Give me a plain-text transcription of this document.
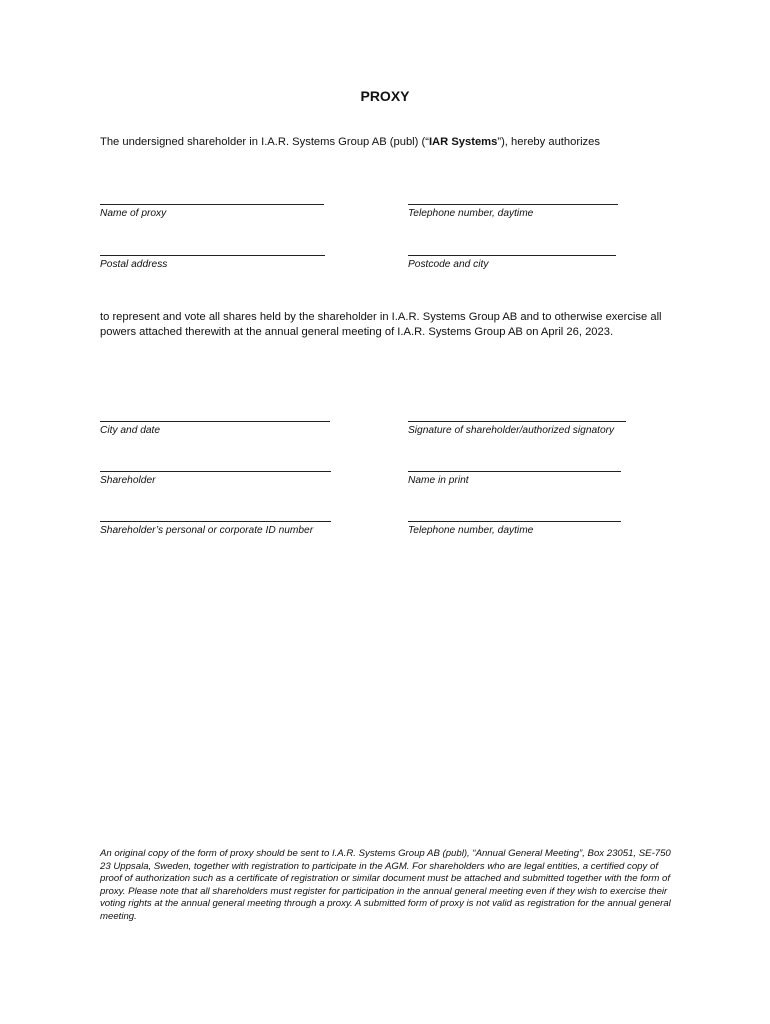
PROXY
The undersigned shareholder in I.A.R. Systems Group AB (publ) (“IAR Systems”), hereby authorizes
Name of proxy	Telephone number, daytime
Postal address	Postcode and city
to represent and vote all shares held by the shareholder in I.A.R. Systems Group AB and to otherwise exercise all powers attached therewith at the annual general meeting of I.A.R. Systems Group AB on April 26, 2023.
City and date	Signature of shareholder/authorized signatory
Shareholder	Name in print
Shareholder’s personal or corporate ID number	Telephone number, daytime
An original copy of the form of proxy should be sent to I.A.R. Systems Group AB (publ), “Annual General Meeting”, Box 23051, SE-750 23 Uppsala, Sweden, together with registration to participate in the AGM. For shareholders who are legal entities, a certified copy of proof of authorization such as a certificate of registration or similar document must be attached and submitted together with the form of proxy. Please note that all shareholders must register for participation in the annual general meeting even if they wish to exercise their voting rights at the annual general meeting through a proxy. A submitted form of proxy is not valid as registration for the annual general meeting.
